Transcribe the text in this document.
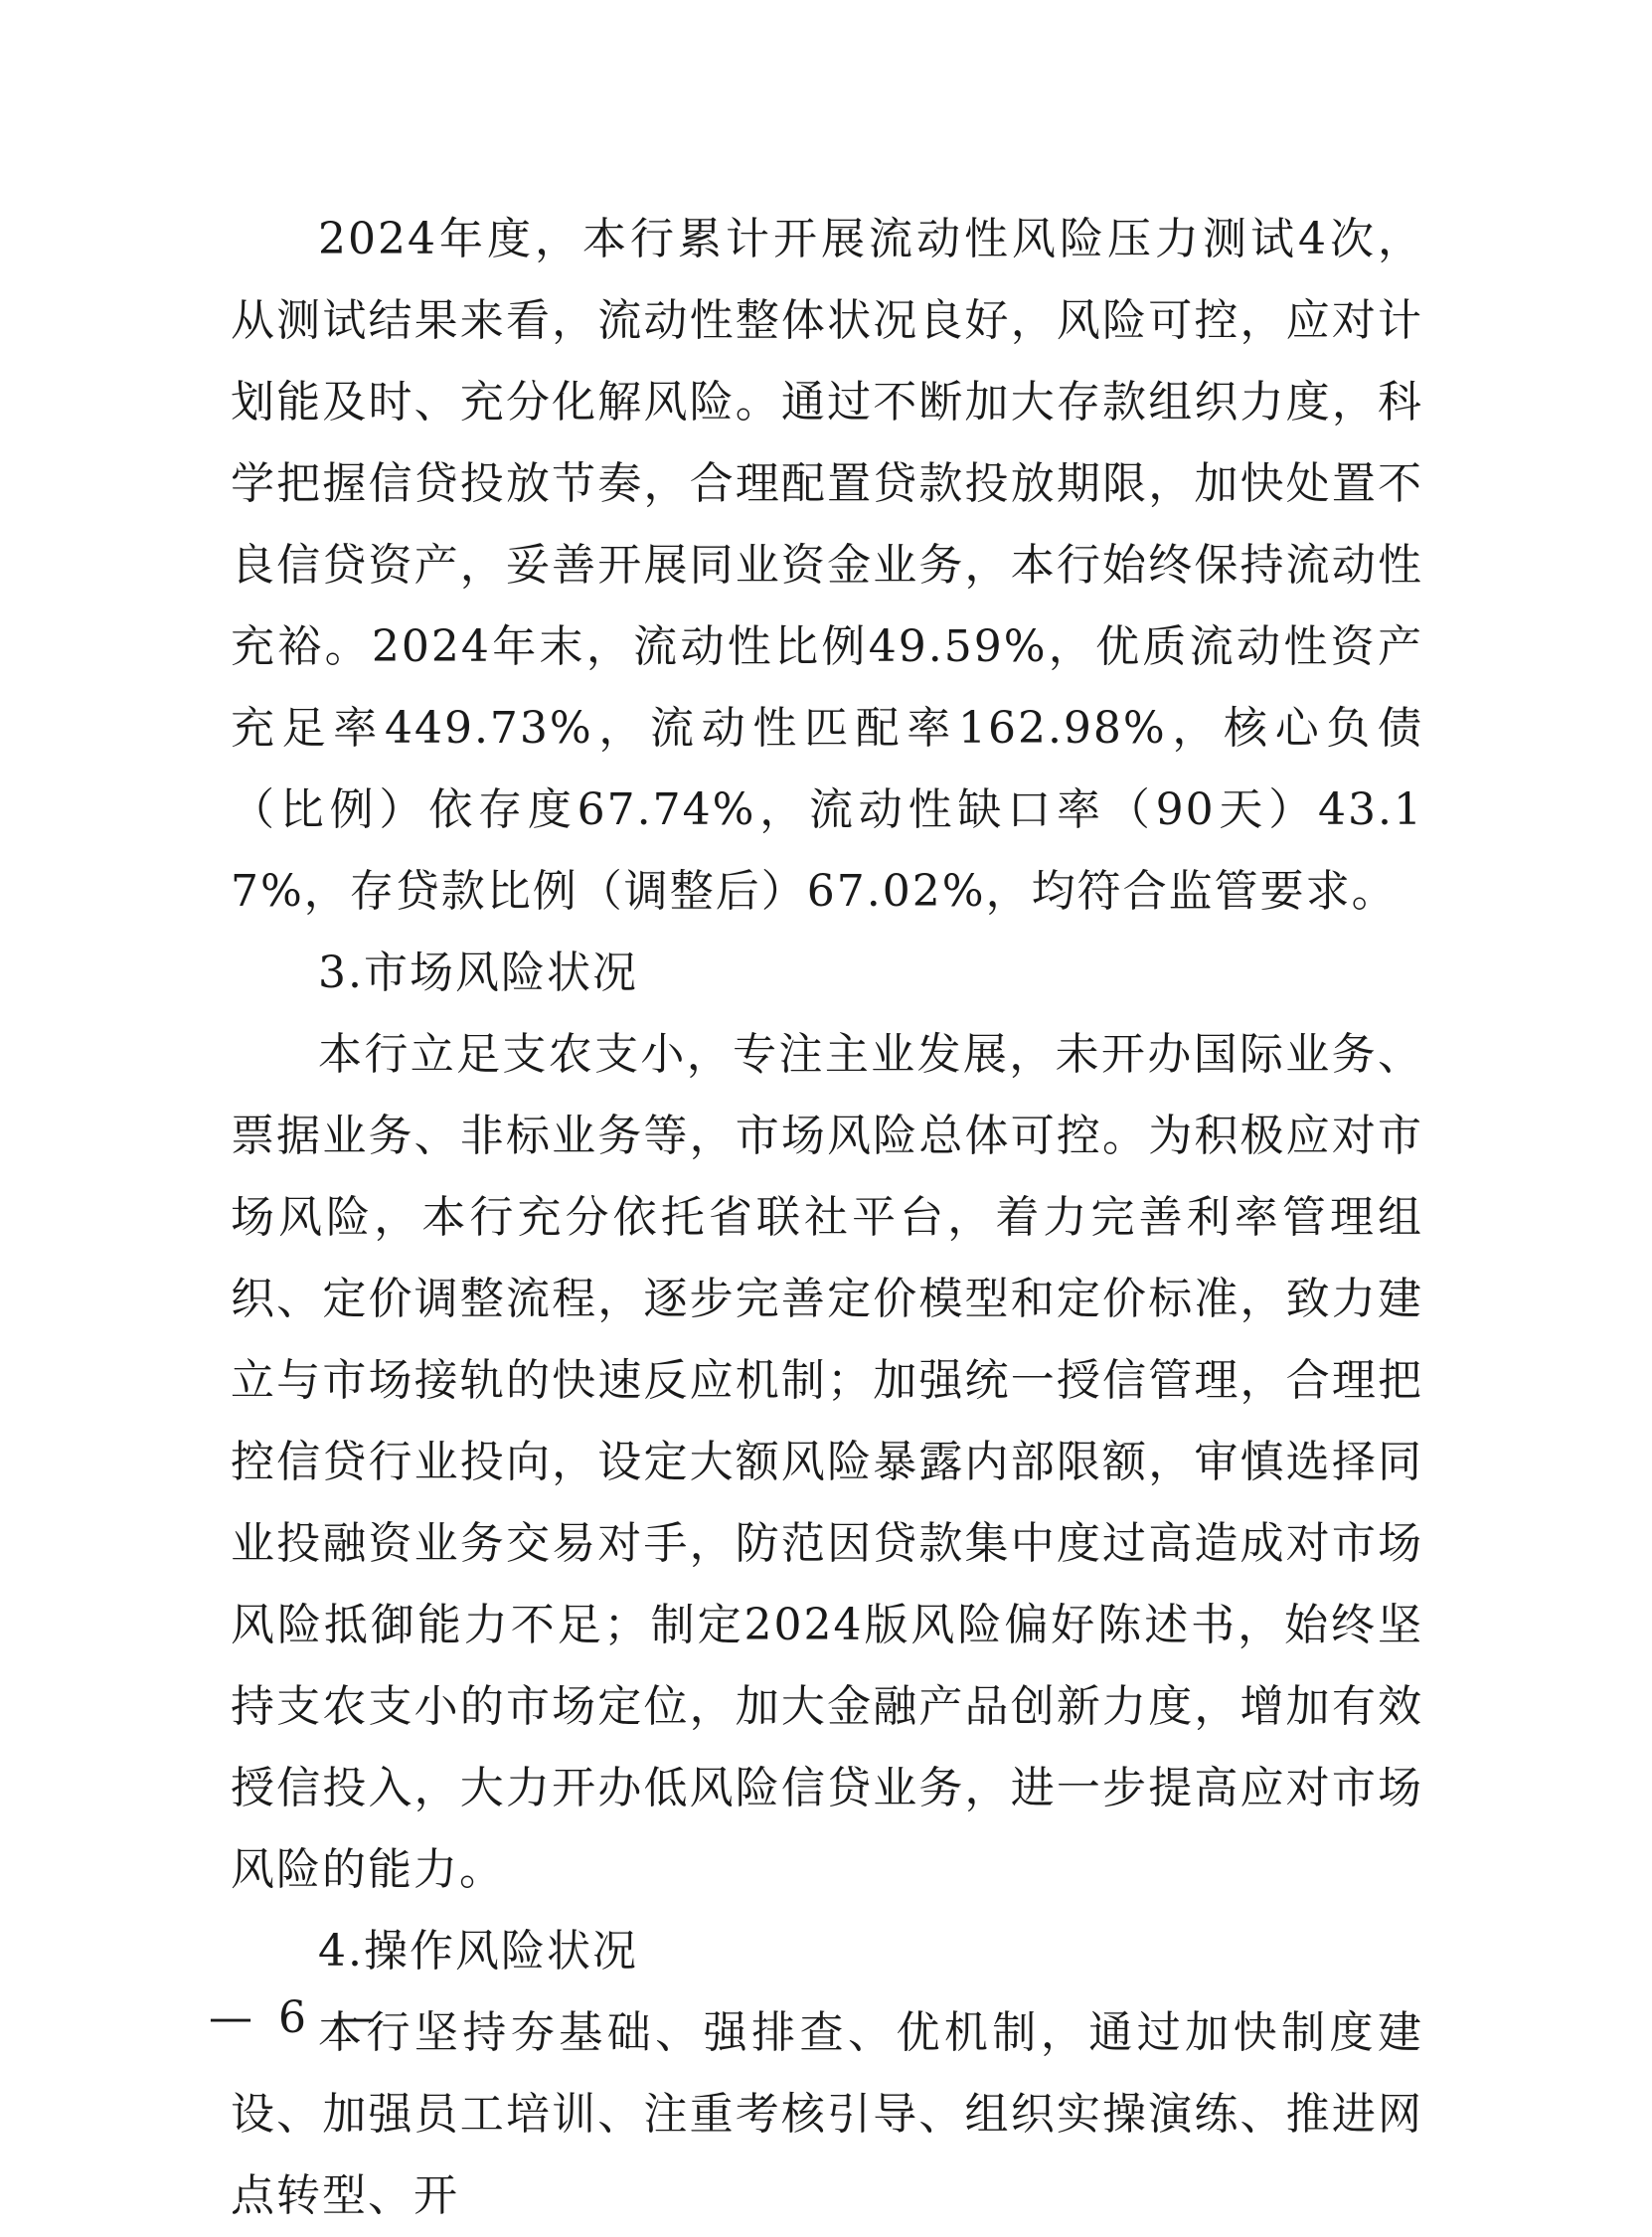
2024年度，本行累计开展流动性风险压力测试4次，从测试结果来看，流动性整体状况良好，风险可控，应对计划能及时、充分化解风险。通过不断加大存款组织力度，科学把握信贷投放节奏，合理配置贷款投放期限，加快处置不良信贷资产，妥善开展同业资金业务，本行始终保持流动性充裕。2024年末，流动性比例49.59%，优质流动性资产充足率449.73%，流动性匹配率162.98%，核心负债（比例）依存度67.74%，流动性缺口率（90天）43.17%，存贷款比例（调整后）67.02%，均符合监管要求。

3.市场风险状况

本行立足支农支小，专注主业发展，未开办国际业务、票据业务、非标业务等，市场风险总体可控。为积极应对市场风险，本行充分依托省联社平台，着力完善利率管理组织、定价调整流程，逐步完善定价模型和定价标准，致力建立与市场接轨的快速反应机制；加强统一授信管理，合理把控信贷行业投向，设定大额风险暴露内部限额，审慎选择同业投融资业务交易对手，防范因贷款集中度过高造成对市场风险抵御能力不足；制定2024版风险偏好陈述书，始终坚持支农支小的市场定位，加大金融产品创新力度，增加有效授信投入，大力开办低风险信贷业务，进一步提高应对市场风险的能力。

4.操作风险状况

本行坚持夯基础、强排查、优机制，通过加快制度建设、加强员工培训、注重考核引导、组织实操演练、推进网点转型、开

— 6 —
